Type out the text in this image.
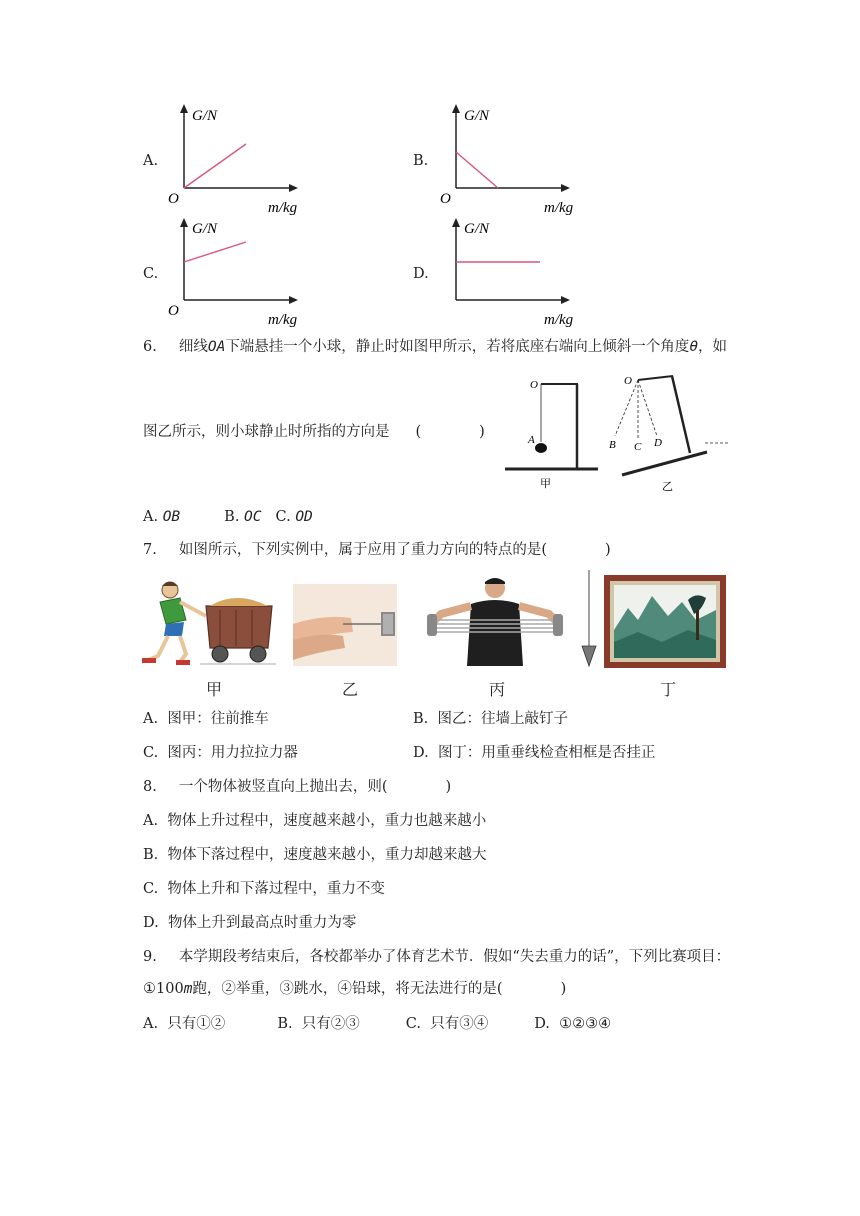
A.
O
G/N
m/kg
B.
O
G/N
m/kg
C.
O
G/N
m/kg
D.
G/N
m/kg
6. 细线OA下端悬挂一个小球，静止时如图甲所示，若将底座右端向上倾斜一个角度θ，如
图乙所示，则小球静止时所指的方向是 (　　　　)
O
A
甲
O
B C D
乙
A. OB	B. OC C. OD
7. 如图所示，下列实例中，属于应用了重力方向的特点的是(　　　　)
甲	乙	丙	丁
A. 图甲：往前推车	B. 图乙：往墙上敲钉子
C. 图丙：用力拉拉力器	D. 图丁：用重垂线检查相框是否挂正
8. 一个物体被竖直向上抛出去，则(　　　　)
A. 物体上升过程中，速度越来越小，重力也越来越小
B. 物体下落过程中，速度越来越小，重力却越来越大
C. 物体上升和下落过程中，重力不变
D. 物体上升到最高点时重力为零
9. 本学期段考结束后，各校都举办了体育艺术节．假如“失去重力的话”，下列比赛项目：
①100m跑，②举重，③跳水，④铅球，将无法进行的是(　　　　)
A. 只有①②	B. 只有②③	C. 只有③④	D. ①②③④
